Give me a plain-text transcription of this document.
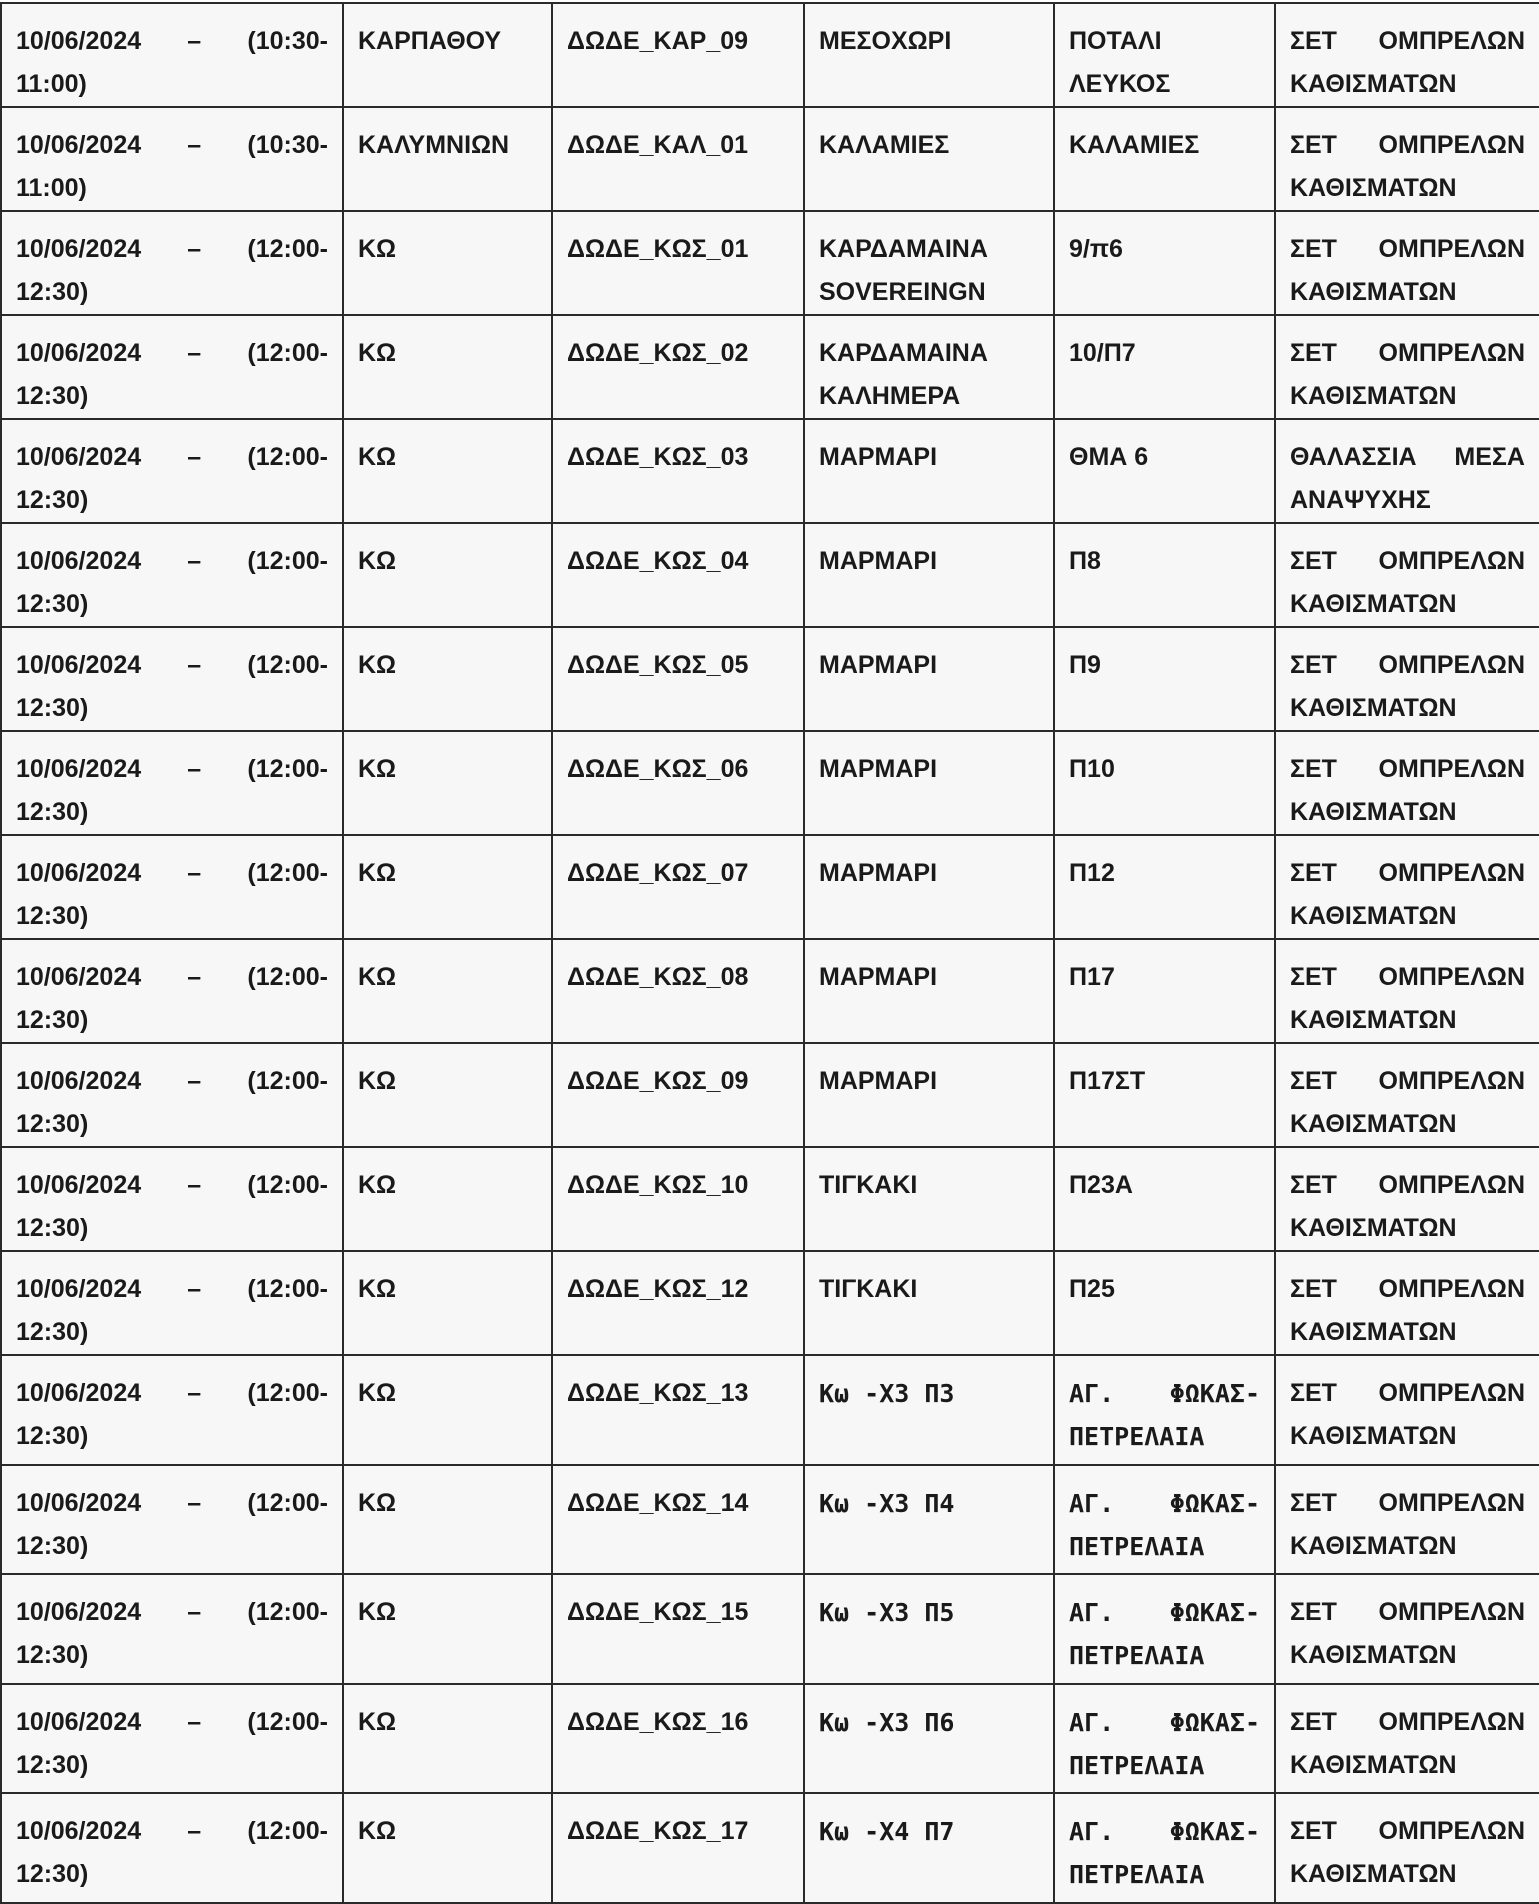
10/06/2024 – (10:30-
11:00)	ΚΑΡΠΑΘΟΥ	ΔΩΔΕ_ΚΑΡ_09	ΜΕΣΟΧΩΡΙ	ΠΟΤΑΛΙ ΛΕΥΚΟΣ	ΣΕΤ ΟΜΠΡΕΛΩΝ
ΚΑΘΙΣΜΑΤΩΝ

10/06/2024 – (10:30-
11:00)	ΚΑΛΥΜΝΙΩΝ	ΔΩΔΕ_ΚΑΛ_01	ΚΑΛΑΜΙΕΣ	ΚΑΛΑΜΙΕΣ	ΣΕΤ ΟΜΠΡΕΛΩΝ
ΚΑΘΙΣΜΑΤΩΝ

10/06/2024 – (12:00-
12:30)	ΚΩ	ΔΩΔΕ_ΚΩΣ_01	ΚΑΡΔΑΜΑΙΝΑ SOVEREINGN	9/π6	ΣΕΤ ΟΜΠΡΕΛΩΝ
ΚΑΘΙΣΜΑΤΩΝ

10/06/2024 – (12:00-
12:30)	ΚΩ	ΔΩΔΕ_ΚΩΣ_02	ΚΑΡΔΑΜΑΙΝΑ ΚΑΛΗΜΕΡΑ	10/Π7	ΣΕΤ ΟΜΠΡΕΛΩΝ
ΚΑΘΙΣΜΑΤΩΝ

10/06/2024 – (12:00-
12:30)	ΚΩ	ΔΩΔΕ_ΚΩΣ_03	ΜΑΡΜΑΡΙ	ΘΜΑ 6	ΘΑΛΑΣΣΙΑ ΜΕΣΑ
ΑΝΑΨΥΧΗΣ

10/06/2024 – (12:00-
12:30)	ΚΩ	ΔΩΔΕ_ΚΩΣ_04	ΜΑΡΜΑΡΙ	Π8	ΣΕΤ ΟΜΠΡΕΛΩΝ
ΚΑΘΙΣΜΑΤΩΝ

10/06/2024 – (12:00-
12:30)	ΚΩ	ΔΩΔΕ_ΚΩΣ_05	ΜΑΡΜΑΡΙ	Π9	ΣΕΤ ΟΜΠΡΕΛΩΝ
ΚΑΘΙΣΜΑΤΩΝ

10/06/2024 – (12:00-
12:30)	ΚΩ	ΔΩΔΕ_ΚΩΣ_06	ΜΑΡΜΑΡΙ	Π10	ΣΕΤ ΟΜΠΡΕΛΩΝ
ΚΑΘΙΣΜΑΤΩΝ

10/06/2024 – (12:00-
12:30)	ΚΩ	ΔΩΔΕ_ΚΩΣ_07	ΜΑΡΜΑΡΙ	Π12	ΣΕΤ ΟΜΠΡΕΛΩΝ
ΚΑΘΙΣΜΑΤΩΝ

10/06/2024 – (12:00-
12:30)	ΚΩ	ΔΩΔΕ_ΚΩΣ_08	ΜΑΡΜΑΡΙ	Π17	ΣΕΤ ΟΜΠΡΕΛΩΝ
ΚΑΘΙΣΜΑΤΩΝ

10/06/2024 – (12:00-
12:30)	ΚΩ	ΔΩΔΕ_ΚΩΣ_09	ΜΑΡΜΑΡΙ	Π17ΣΤ	ΣΕΤ ΟΜΠΡΕΛΩΝ
ΚΑΘΙΣΜΑΤΩΝ

10/06/2024 – (12:00-
12:30)	ΚΩ	ΔΩΔΕ_ΚΩΣ_10	ΤΙΓΚΑΚΙ	Π23Α	ΣΕΤ ΟΜΠΡΕΛΩΝ
ΚΑΘΙΣΜΑΤΩΝ

10/06/2024 – (12:00-
12:30)	ΚΩ	ΔΩΔΕ_ΚΩΣ_12	ΤΙΓΚΑΚΙ	Π25	ΣΕΤ ΟΜΠΡΕΛΩΝ
ΚΑΘΙΣΜΑΤΩΝ

10/06/2024 – (12:00-
12:30)	ΚΩ	ΔΩΔΕ_ΚΩΣ_13	Κω -Χ3 Π3	ΑΓ. ΦΩΚΑΣ-
ΠΕΤΡΕΛΑΙΑ	ΣΕΤ ΟΜΠΡΕΛΩΝ
ΚΑΘΙΣΜΑΤΩΝ

10/06/2024 – (12:00-
12:30)	ΚΩ	ΔΩΔΕ_ΚΩΣ_14	Κω -Χ3 Π4	ΑΓ. ΦΩΚΑΣ-
ΠΕΤΡΕΛΑΙΑ	ΣΕΤ ΟΜΠΡΕΛΩΝ
ΚΑΘΙΣΜΑΤΩΝ

10/06/2024 – (12:00-
12:30)	ΚΩ	ΔΩΔΕ_ΚΩΣ_15	Κω -Χ3 Π5	ΑΓ. ΦΩΚΑΣ-
ΠΕΤΡΕΛΑΙΑ	ΣΕΤ ΟΜΠΡΕΛΩΝ
ΚΑΘΙΣΜΑΤΩΝ

10/06/2024 – (12:00-
12:30)	ΚΩ	ΔΩΔΕ_ΚΩΣ_16	Κω -Χ3 Π6	ΑΓ. ΦΩΚΑΣ-
ΠΕΤΡΕΛΑΙΑ	ΣΕΤ ΟΜΠΡΕΛΩΝ
ΚΑΘΙΣΜΑΤΩΝ

10/06/2024 – (12:00-
12:30)	ΚΩ	ΔΩΔΕ_ΚΩΣ_17	Κω -Χ4 Π7	ΑΓ. ΦΩΚΑΣ-
ΠΕΤΡΕΛΑΙΑ	ΣΕΤ ΟΜΠΡΕΛΩΝ
ΚΑΘΙΣΜΑΤΩΝ
